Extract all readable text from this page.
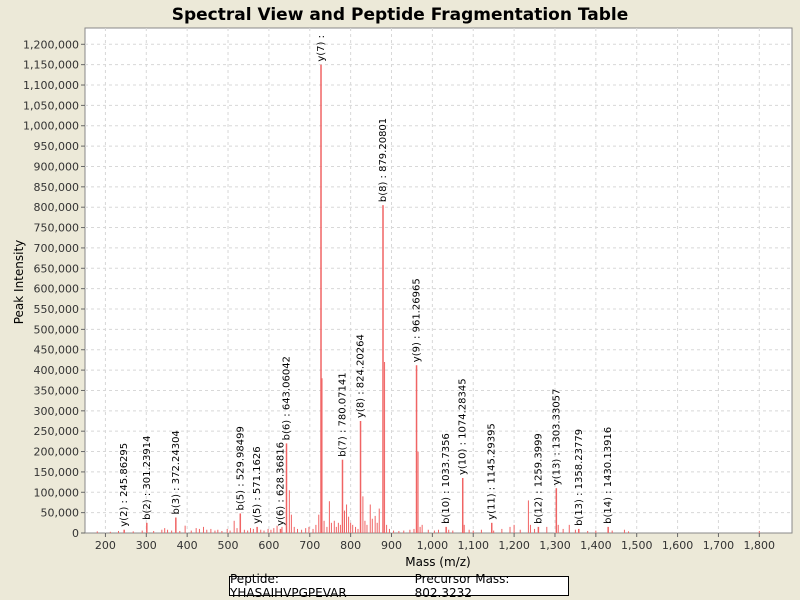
Spectral View and Peptide Fragmentation Table
0
50,000
100,000
150,000
200,000
250,000
300,000
350,000
400,000
450,000
500,000
550,000
600,000
650,000
700,000
750,000
800,000
850,000
900,000
950,000
1,000,000
1,050,000
1,100,000
1,150,000
1,200,000
200 300 400 500 600 700 800 900 1,000 1,100 1,200 1,300 1,400 1,500 1,600 1,700 1,800
y(2) : 245.86295 b(2) : 301.23914 b(3) : 372.24304	b(5) : 529.98499 y(5) : 571.1626 y(6) : 628.36816
b(6) : 643.06042
y(7) :
b(7) : 780.07141 y(8) : 824.20264
b(8) : 879.20801
y(9) : 961.26965
b(10) : 1033.7356
y(10) : 1074.28345 y(11) : 1145.29395	b(12) : 1259.3999 y(13) : 1303.33057 b(13) : 1358.23779 b(14) : 1430.13916
Mass (m/z)
Peak Intensity
Peptide: YHASAIHVPGPEVAR
Precursor Mass: 802.3232
